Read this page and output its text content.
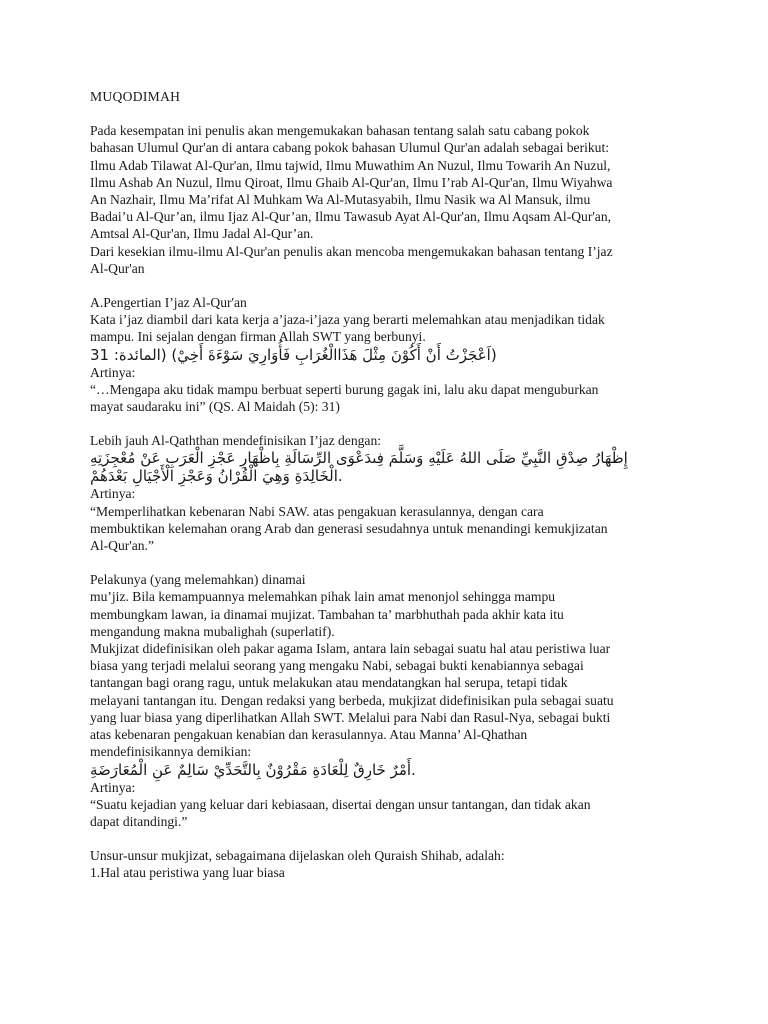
MUQODIMAH

Pada kesempatan ini penulis akan mengemukakan bahasan tentang salah satu cabang pokok

bahasan Ulumul Qur'an di antara cabang pokok bahasan Ulumul Qur'an adalah sebagai berikut:

Ilmu Adab Tilawat Al-Qur'an, Ilmu tajwid, Ilmu Muwathim An Nuzul, Ilmu Towarih An Nuzul,

Ilmu Ashab An Nuzul, Ilmu Qiroat, Ilmu Ghaib Al-Qur'an, Ilmu I’rab Al-Qur'an, Ilmu Wiyahwa

An Nazhair, Ilmu Ma’rifat Al Muhkam Wa Al-Mutasyabih, Ilmu Nasik wa Al Mansuk, ilmu

Badai’u Al-Qur’an, ilmu Ijaz Al-Qur’an, Ilmu Tawasub Ayat Al-Qur'an, Ilmu Aqsam Al-Qur'an,

Amtsal Al-Qur'an, Ilmu Jadal Al-Qur’an.

Dari kesekian ilmu-ilmu Al-Qur'an penulis akan mencoba mengemukakan bahasan tentang I’jaz

Al-Qur'an

A.Pengertian I’jaz Al-Qur'an

Kata i’jaz diambil dari kata kerja a’jaza-i’jaza yang berarti melemahkan atau menjadikan tidak

mampu. Ini sejalan dengan firman Allah SWT yang berbunyi.

(اَعْجَزْتُ أَنْ أَكُوْنَ مِثْلَ هَذَاالْغُرَابِ فَأُوَارِيَ سَوْءَةَ أَخِيْ) (المائدة: 31

Artinya:

“…Mengapa aku tidak mampu berbuat seperti burung gagak ini, lalu aku dapat menguburkan

mayat saudaraku ini” (QS. Al Maidah (5): 31)

Lebih jauh Al-Qaththan mendefinisikan I’jaz dengan:

إِظْهَارُ صِدْقِ النَّبِيِّ صَلَى اللهُ عَلَيْهِ وَسَلَّمَ فِىدَعْوَى الرِّسَالَةِ بِاظْهَارِ عَجْزِ الْعَرَبِ عَنْ مُعْجِزَتِهِ

.الْخَالِدَةِ وَهِيَ الْقُرْانُ وَعَجْزِ الْأَجْيَالِ بَعْدَهُمْ

Artinya:

“Memperlihatkan kebenaran Nabi SAW. atas pengakuan kerasulannya, dengan cara

membuktikan kelemahan orang Arab dan generasi sesudahnya untuk menandingi kemukjizatan

Al-Qur'an.”

Pelakunya (yang melemahkan) dinamai

mu’jiz. Bila kemampuannya melemahkan pihak lain amat menonjol sehingga mampu

membungkam lawan, ia dinamai mujizat. Tambahan ta’ marbhuthah pada akhir kata itu

mengandung makna mubalighah (superlatif).

Mukjizat didefinisikan oleh pakar agama Islam, antara lain sebagai suatu hal atau peristiwa luar

biasa yang terjadi melalui seorang yang mengaku Nabi, sebagai bukti kenabiannya sebagai

tantangan bagi orang ragu, untuk melakukan atau mendatangkan hal serupa, tetapi tidak

melayani tantangan itu. Dengan redaksi yang berbeda, mukjizat didefinisikan pula sebagai suatu

yang luar biasa yang diperlihatkan Allah SWT. Melalui para Nabi dan Rasul-Nya, sebagai bukti

atas kebenaran pengakuan kenabian dan kerasulannya. Atau Manna’ Al-Qhathan

mendefinisikannya demikian:

.أَمْرٌ خَارِقٌ لِلْعَادَةِ مَقْرُوْنٌ بِالتَّحَدِّيْ سَالِمٌ عَنِ الْمُعَارَضَةِ

Artinya:

“Suatu kejadian yang keluar dari kebiasaan, disertai dengan unsur tantangan, dan tidak akan

dapat ditandingi.”

Unsur-unsur mukjizat, sebagaimana dijelaskan oleh Quraish Shihab, adalah:

1.Hal atau peristiwa yang luar biasa
